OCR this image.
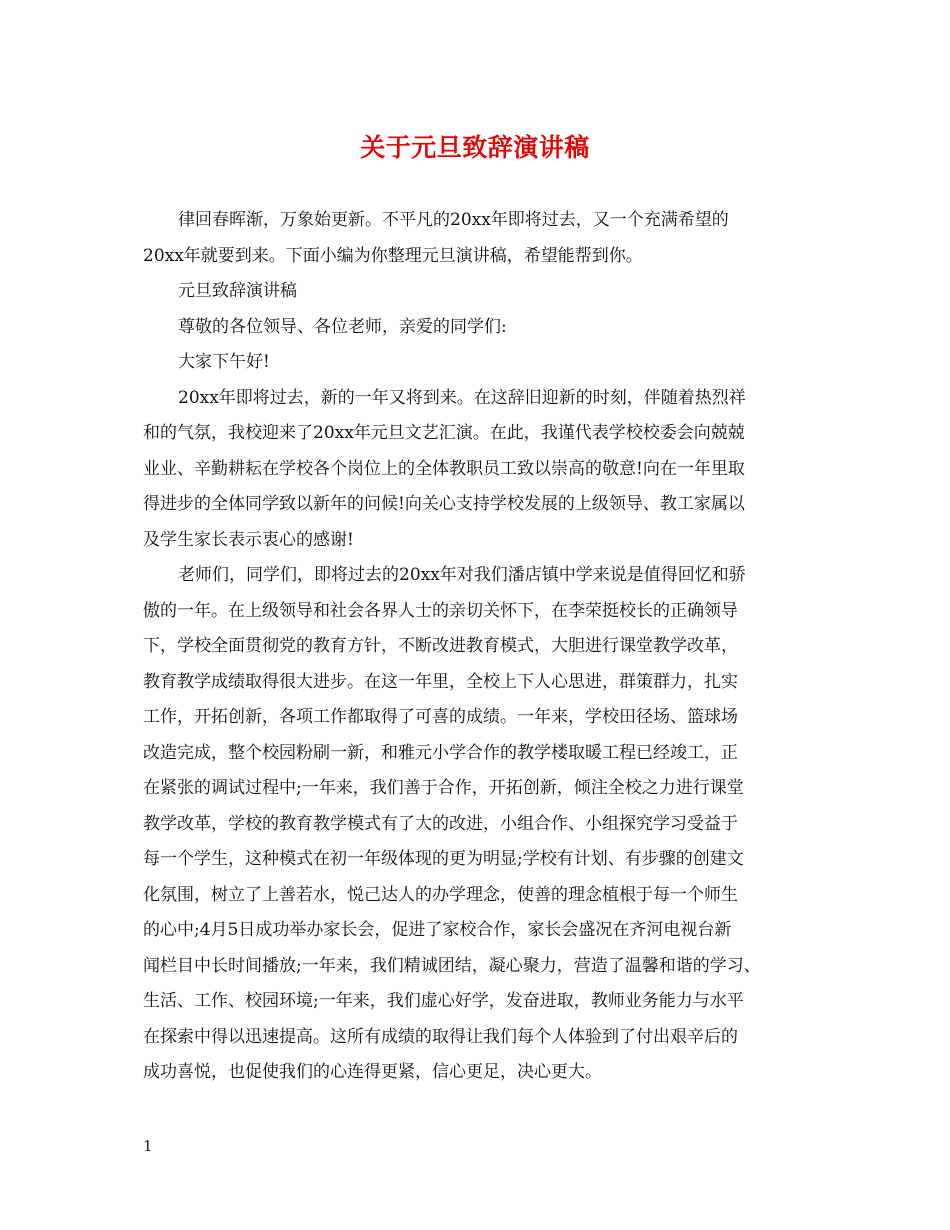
关于元旦致辞演讲稿
律回春晖渐，万象始更新。不平凡的20xx年即将过去，又一个充满希望的
20xx年就要到来。下面小编为你整理元旦演讲稿，希望能帮到你。
元旦致辞演讲稿
尊敬的各位领导、各位老师，亲爱的同学们:
大家下午好!
20xx年即将过去，新的一年又将到来。在这辞旧迎新的时刻，伴随着热烈祥
和的气氛，我校迎来了20xx年元旦文艺汇演。在此，我谨代表学校校委会向兢兢
业业、辛勤耕耘在学校各个岗位上的全体教职员工致以崇高的敬意!向在一年里取
得进步的全体同学致以新年的问候!向关心支持学校发展的上级领导、教工家属以
及学生家长表示衷心的感谢!
老师们，同学们，即将过去的20xx年对我们潘店镇中学来说是值得回忆和骄
傲的一年。在上级领导和社会各界人士的亲切关怀下，在李荣挺校长的正确领导
下，学校全面贯彻党的教育方针，不断改进教育模式，大胆进行课堂教学改革，
教育教学成绩取得很大进步。在这一年里，全校上下人心思进，群策群力，扎实
工作，开拓创新，各项工作都取得了可喜的成绩。一年来，学校田径场、篮球场
改造完成，整个校园粉刷一新，和雅元小学合作的教学楼取暖工程已经竣工，正
在紧张的调试过程中;一年来，我们善于合作，开拓创新，倾注全校之力进行课堂
教学改革，学校的教育教学模式有了大的改进，小组合作、小组探究学习受益于
每一个学生，这种模式在初一年级体现的更为明显;学校有计划、有步骤的创建文
化氛围，树立了上善若水，悦己达人的办学理念，使善的理念植根于每一个师生
的心中;4月5日成功举办家长会，促进了家校合作，家长会盛况在齐河电视台新
闻栏目中长时间播放;一年来，我们精诚团结，凝心聚力，营造了温馨和谐的学习、
生活、工作、校园环境;一年来，我们虚心好学，发奋进取，教师业务能力与水平
在探索中得以迅速提高。这所有成绩的取得让我们每个人体验到了付出艰辛后的
成功喜悦，也促使我们的心连得更紧，信心更足，决心更大。
1
